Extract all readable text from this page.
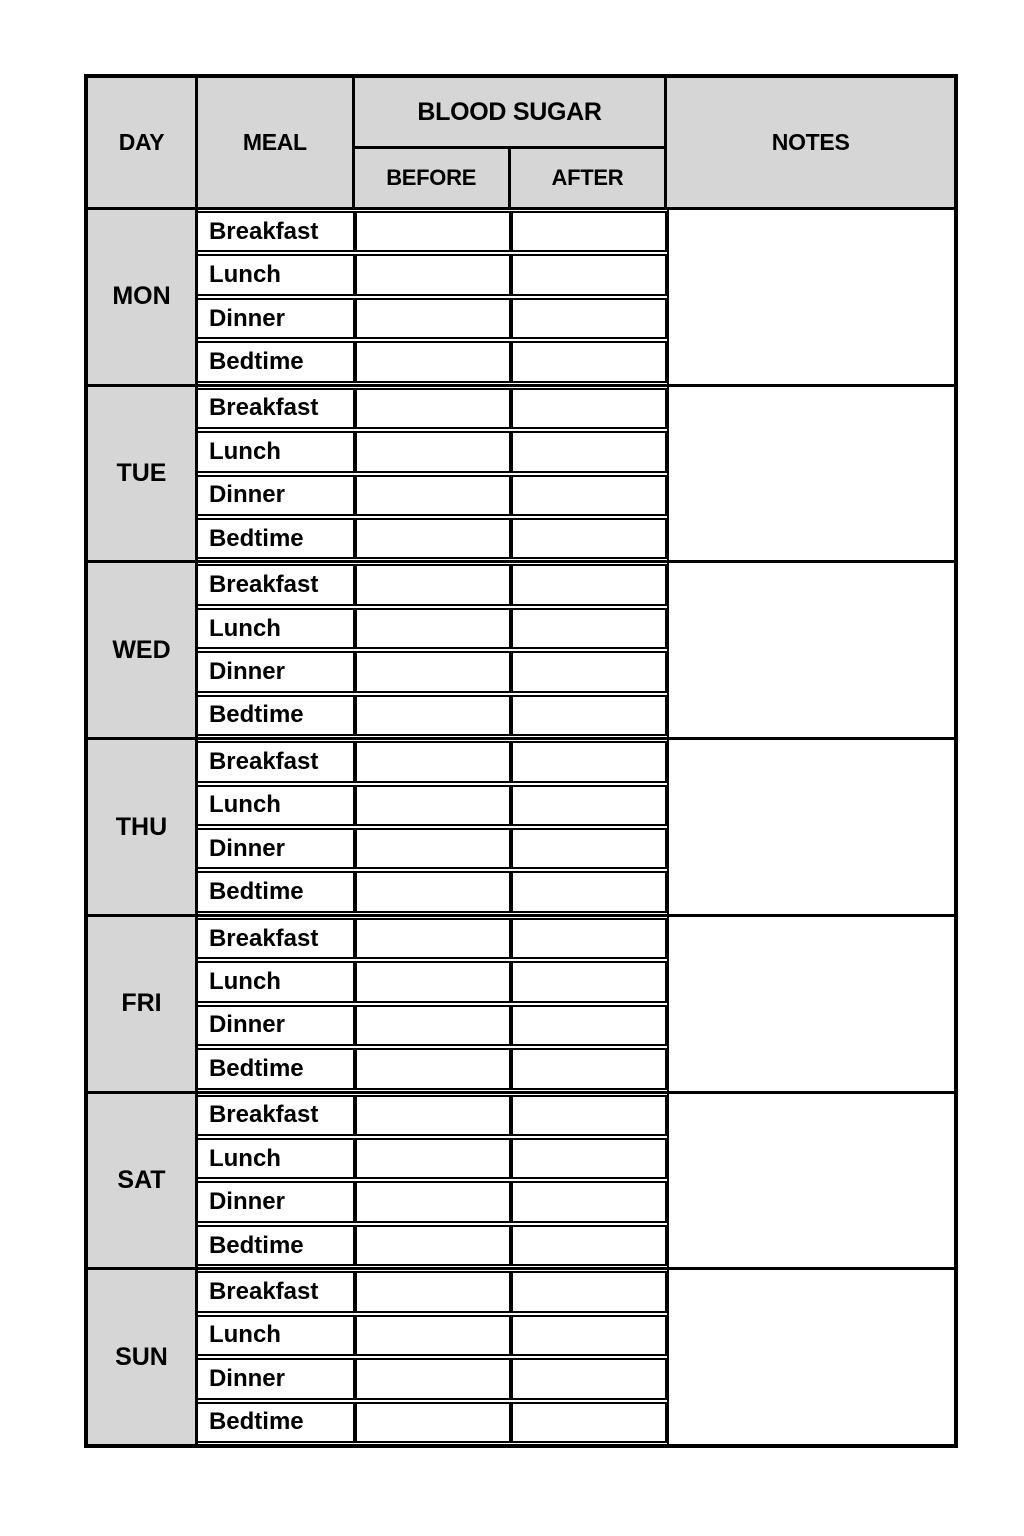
DAY	MEAL
BLOOD SUGAR
BEFORE	AFTER
NOTES
MON
Breakfast
Lunch
Dinner
Bedtime
TUE
Breakfast
Lunch
Dinner
Bedtime
WED
Breakfast
Lunch
Dinner
Bedtime
THU
Breakfast
Lunch
Dinner
Bedtime
FRI
Breakfast
Lunch
Dinner
Bedtime
SAT
Breakfast
Lunch
Dinner
Bedtime
SUN
Breakfast
Lunch
Dinner
Bedtime
